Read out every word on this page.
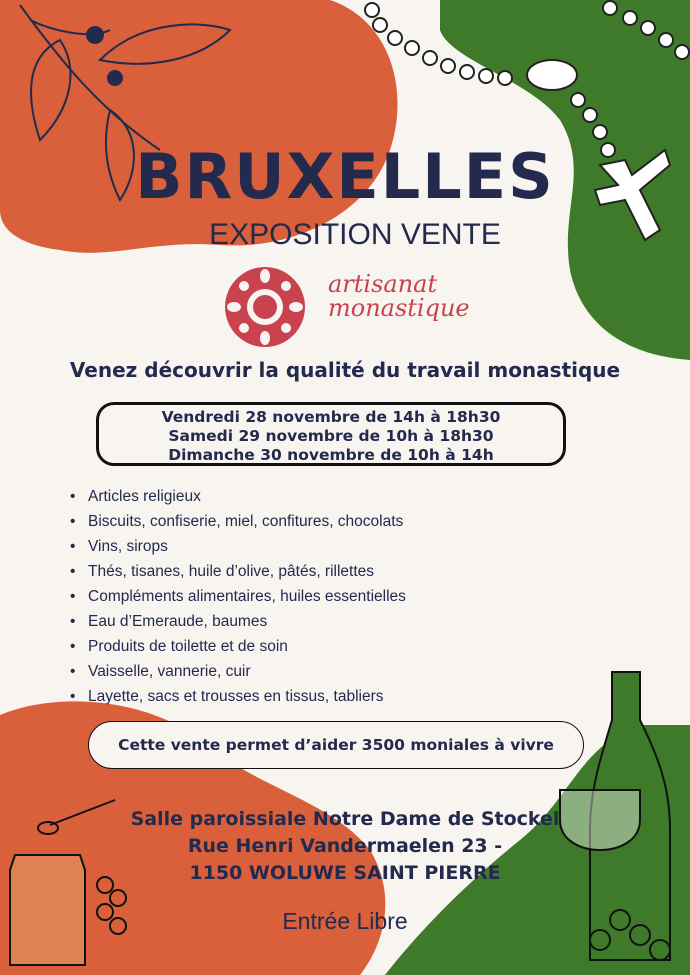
BRUXELLES
EXPOSITION VENTE
artisanat
monastique
Venez découvrir la qualité du travail monastique
Vendredi 28 novembre de 14h à 18h30
Samedi 29 novembre de 10h à 18h30
Dimanche 30 novembre de 10h à 14h
• Articles religieux
• Biscuits, confiserie, miel, confitures, chocolats
• Vins, sirops
• Thés, tisanes, huile d’olive, pâtés, rillettes
• Compléments alimentaires, huiles essentielles
• Eau d’Emeraude, baumes
• Produits de toilette et de soin
• Vaisselle, vannerie, cuir
• Layette, sacs et trousses en tissus, tabliers
Cette vente permet d’aider 3500 moniales à vivre
Salle paroissiale Notre Dame de Stockel
Rue Henri Vandermaelen 23 -
1150 WOLUWE SAINT PIERRE
Entrée Libre
